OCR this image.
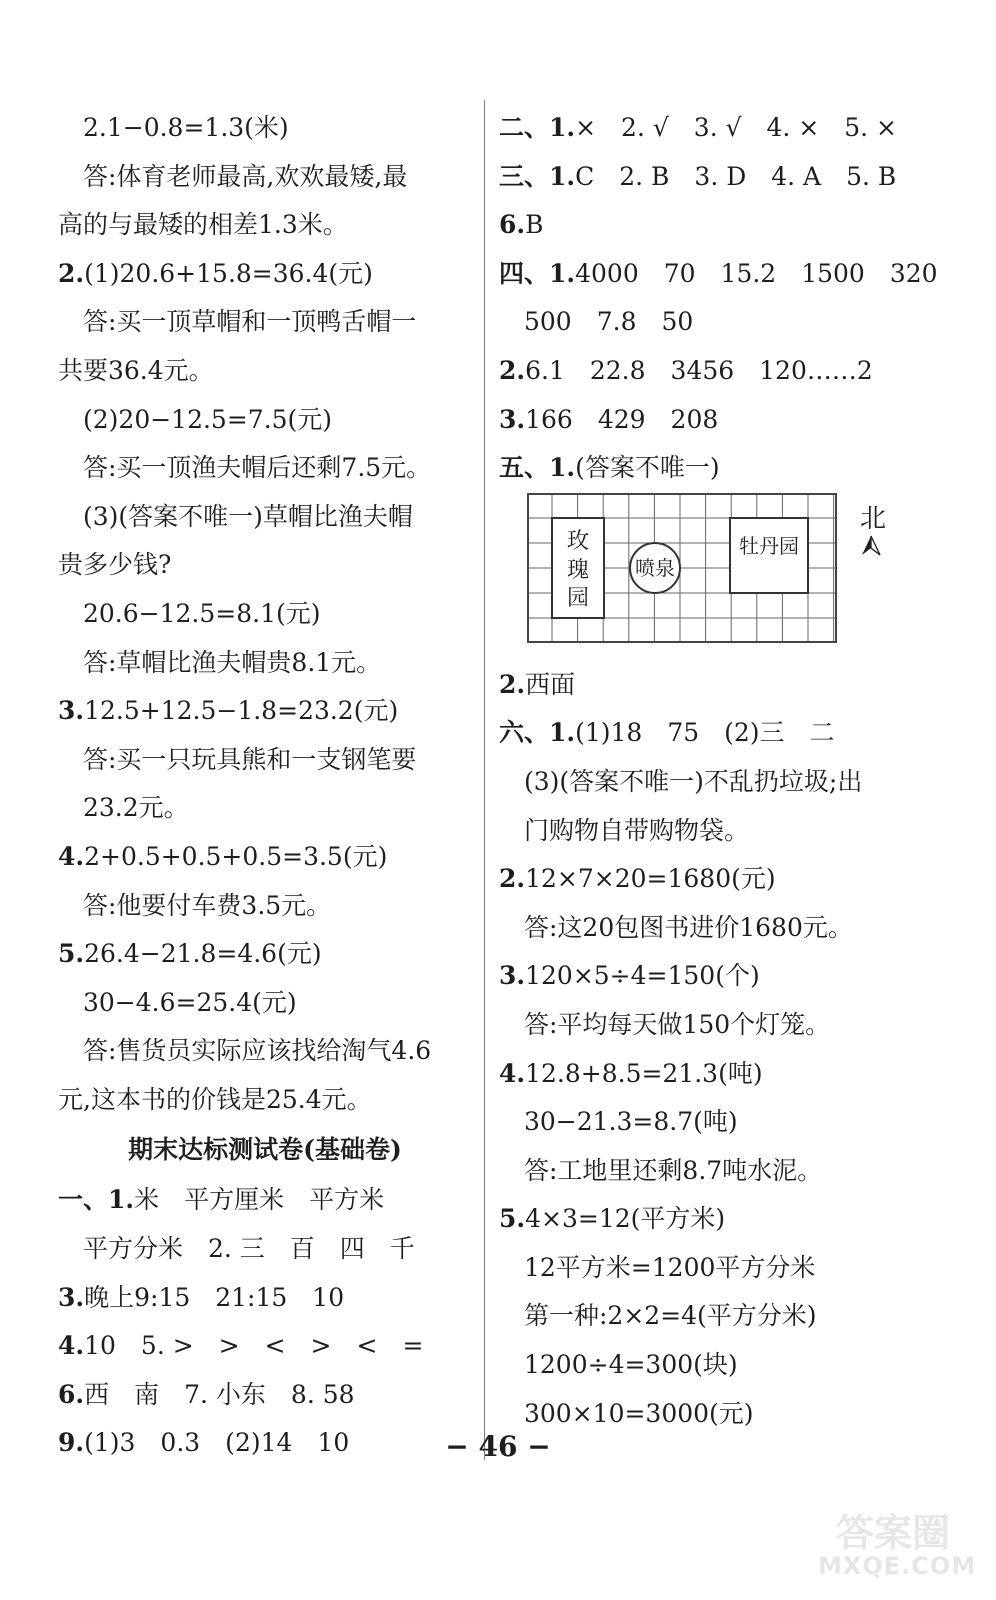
2.1−0.8=1.3(米)
答:体育老师最高,欢欢最矮,最
高的与最矮的相差1.3米。
2.(1)20.6+15.8=36.4(元)
答:买一顶草帽和一顶鸭舌帽一
共要36.4元。
(2)20−12.5=7.5(元)
答:买一顶渔夫帽后还剩7.5元。
(3)(答案不唯一)草帽比渔夫帽
贵多少钱?
20.6−12.5=8.1(元)
答:草帽比渔夫帽贵8.1元。
3.12.5+12.5−1.8=23.2(元)
答:买一只玩具熊和一支钢笔要
23.2元。
4.2+0.5+0.5+0.5=3.5(元)
答:他要付车费3.5元。
5.26.4−21.8=4.6(元)
30−4.6=25.4(元)
答:售货员实际应该找给淘气4.6
元,这本书的价钱是25.4元。
期末达标测试卷(基础卷)
一、1.米　平方厘米　平方米
平方分米　2. 三　百　四　千
3.晚上9:15　21:15　10
4.10　5. >　>　<　>　<　=
6.西　南　7. 小东　8. 58
9.(1)3　0.3　(2)14　10
二、1.×　2. √　3. √　4. ×　5. ×
三、1.C　2. B　3. D　4. A　5. B
6.B
四、1.4000　70　15.2　1500　320
500　7.8　50
2.6.1　22.8　3456　120……2
3.166　429　208
五、1.(答案不唯一)
玫
瑰
园
喷泉
牡丹园
2.西面
六、1.(1)18　75　(2)三　二
(3)(答案不唯一)不乱扔垃圾;出
门购物自带购物袋。
2.12×7×20=1680(元)
答:这20包图书进价1680元。
3.120×5÷4=150(个)
答:平均每天做150个灯笼。
4.12.8+8.5=21.3(吨)
30−21.3=8.7(吨)
答:工地里还剩8.7吨水泥。
5.4×3=12(平方米)
12平方米=1200平方分米
第一种:2×2=4(平方分米)
1200÷4=300(块)
300×10=3000(元)
北
− 46 −
答案圈
MXQE.COM
